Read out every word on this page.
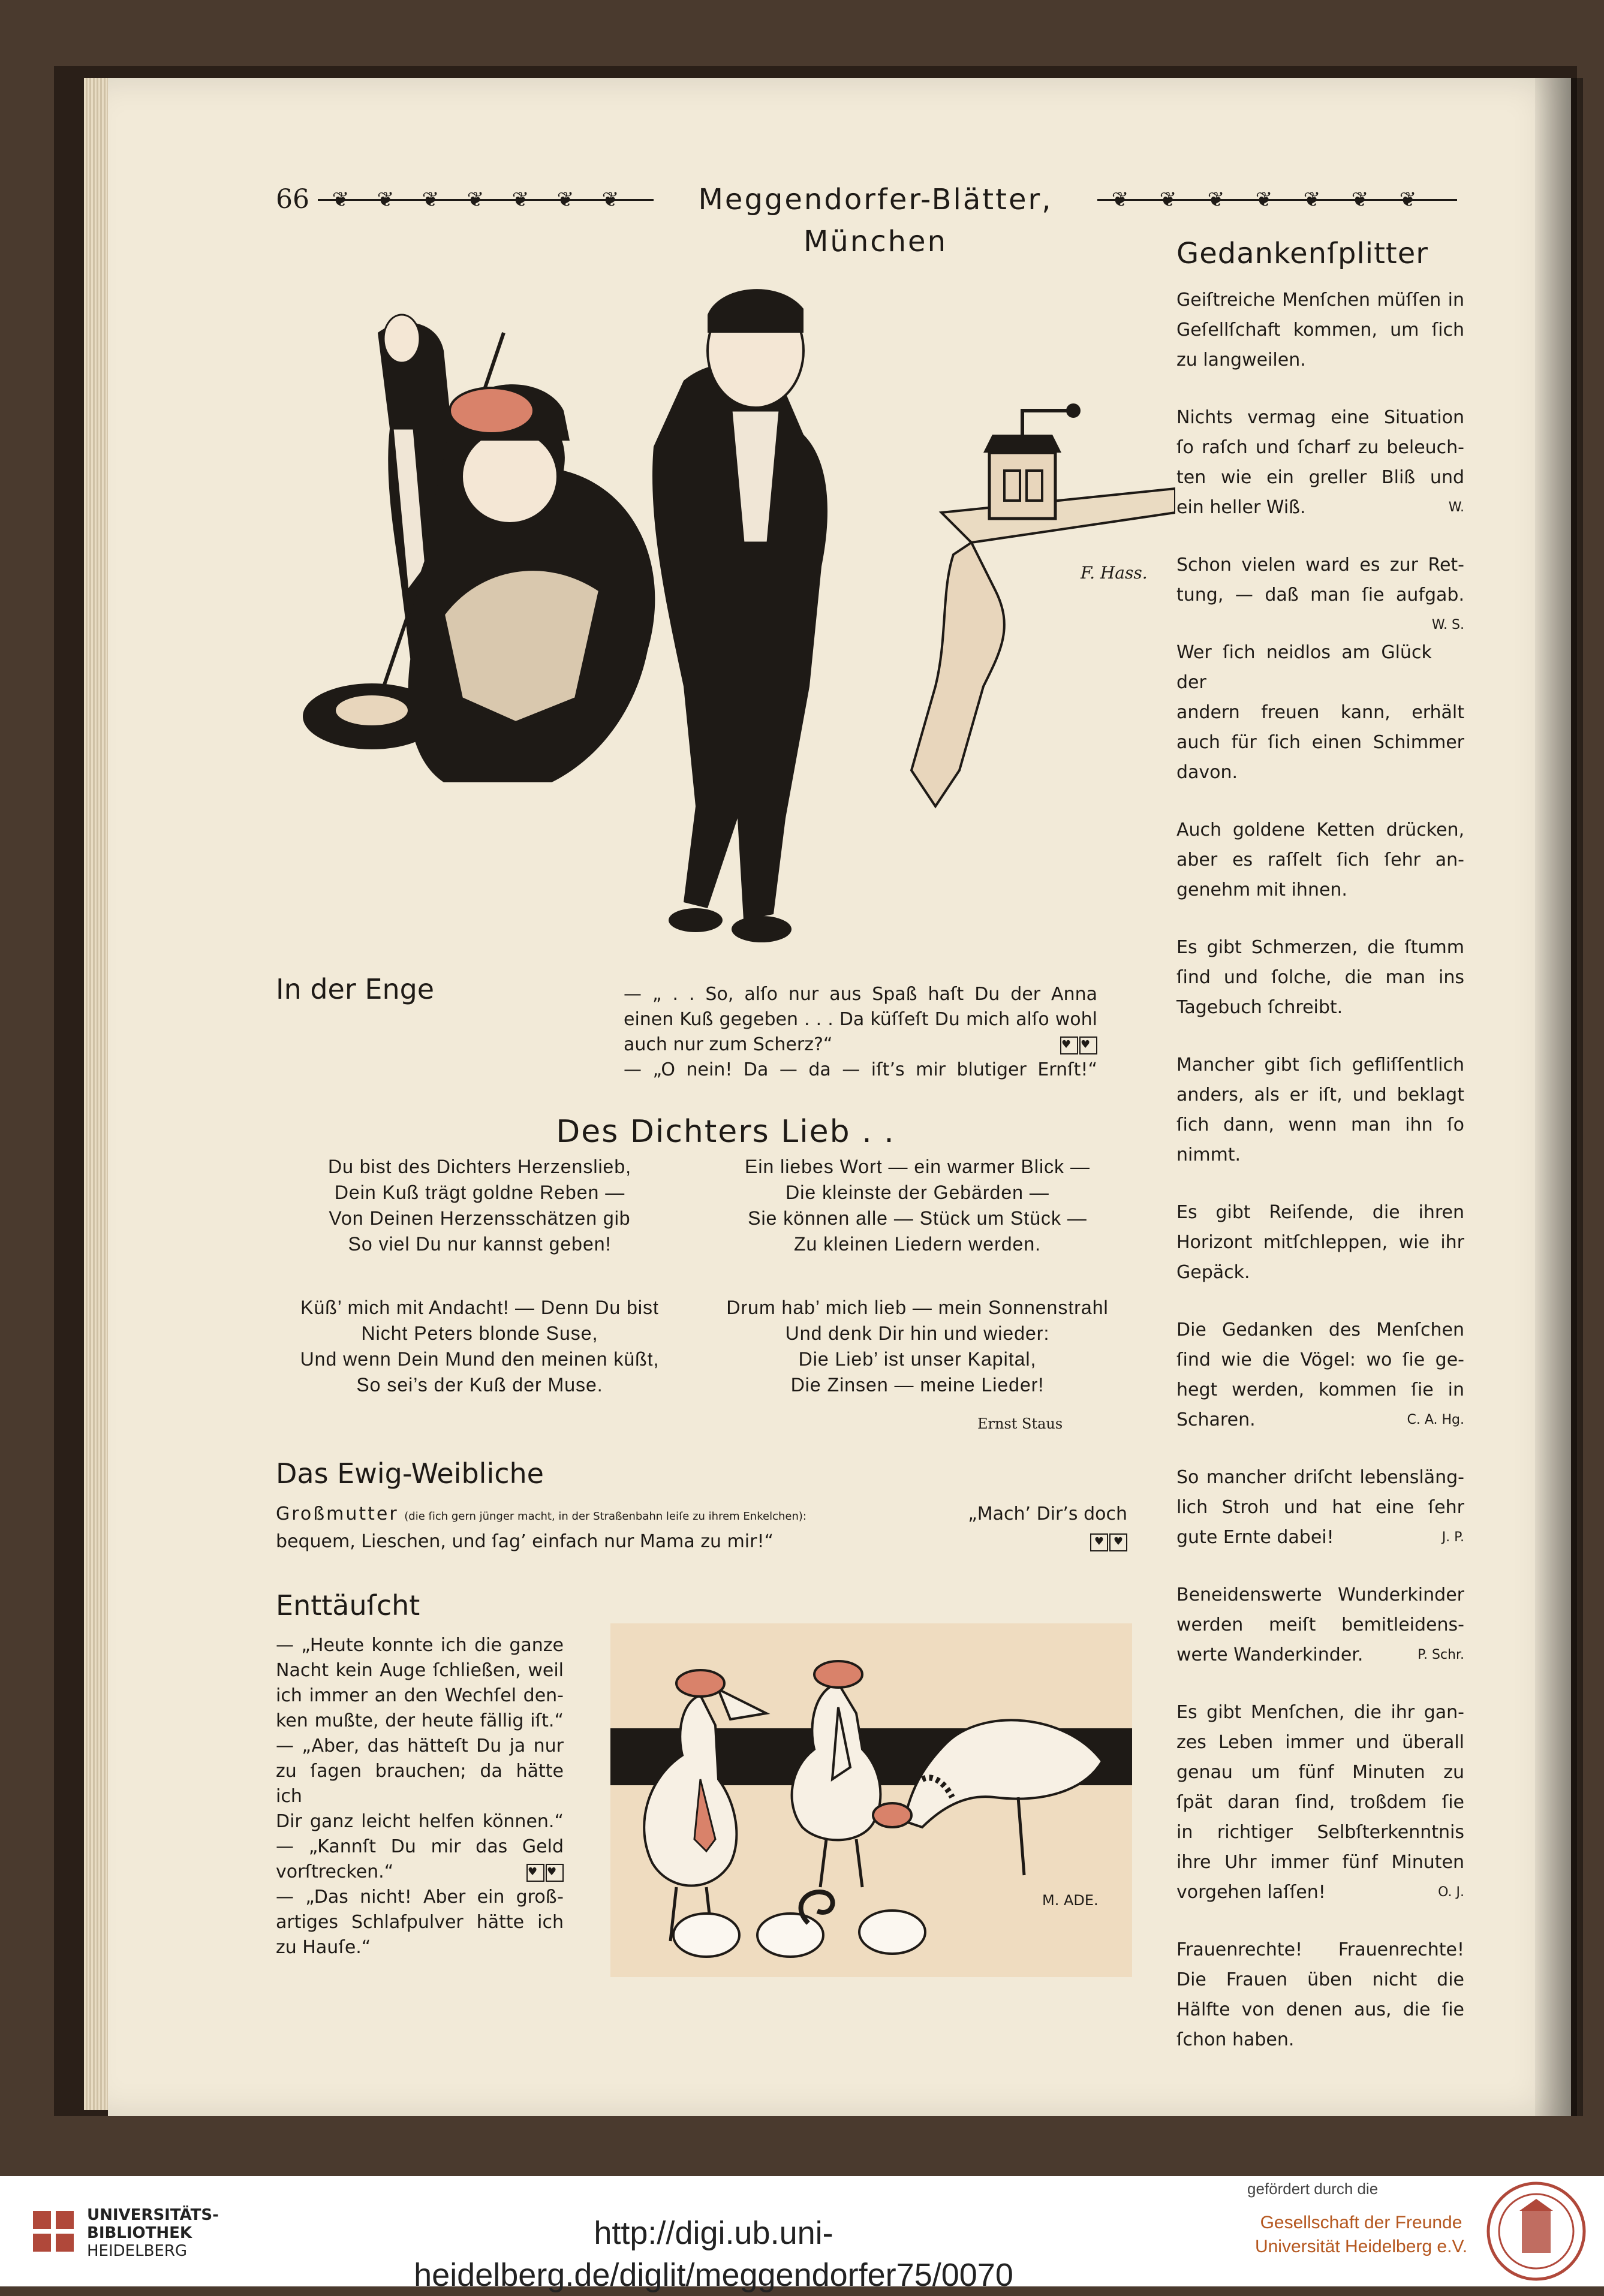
66 ❦ ❦ ❦ ❦ ❦ ❦ ❦	Meggendorfer-Blätter, München
❦ ❦ ❦ ❦ ❦ ❦ ❦
F. Hass.
In der Enge	— „ . . So, alſo nur aus Spaß haſt Du der Anna
einen Kuß gegeben . . . Da küſſeſt Du mich alſo wohl
auch nur zum Scherz?“	♥ ♥
— „O nein! Da — da — iſt’s mir blutiger Ernſt!“
Des Dichters Lieb . .
Du bist des Dichters Herzenslieb,
Dein Kuß trägt goldne Reben —
Von Deinen Herzensschätzen gib
So viel Du nur kannst geben!
Ein liebes Wort — ein warmer Blick —
Die kleinste der Gebärden —
Sie können alle — Stück um Stück —
Zu kleinen Liedern werden.
Küß’ mich mit Andacht! — Denn Du bist
Nicht Peters blonde Suse,
Und wenn Dein Mund den meinen küßt,
So sei’s der Kuß der Muse.
Drum hab’ mich lieb — mein Sonnenstrahl
Und denk Dir hin und wieder:
Die Lieb’ ist unser Kapital,
Die Zinsen — meine Lieder!
Ernst Staus
Das Ewig-Weibliche
Großmutter (die ſich gern jünger macht, in der Straßenbahn leiſe zu ihrem Enkelchen):	„Mach’ Dir’s doch
bequem, Lieschen, und ſag’ einfach nur Mama zu mir!“	♥ ♥
Enttäuſcht
— „Heute konnte ich die ganze
Nacht kein Auge ſchließen, weil
ich immer an den Wechſel den-
ken mußte, der heute fällig iſt.“
— „Aber, das hätteſt Du ja nur
zu ſagen brauchen; da hätte ich
Dir ganz leicht helfen können.“
— „Kannſt Du mir das Geld
vorſtrecken.“	♥ ♥
— „Das nicht! Aber ein groß-
artiges Schlafpulver hätte ich
zu Hauſe.“
M. ADE.
Gedankenſplitter
Geiſtreiche Menſchen müſſen in
Geſellſchaft kommen, um ſich
zu langweilen.
Nichts vermag eine Situation
ſo raſch und ſcharf zu beleuch-
ten wie ein greller Bliß und
ein heller Wiß.	W.
Schon vielen ward es zur Ret-
tung, — daß man ſie aufgab.
W. S.
Wer ſich neidlos am Glück der
andern freuen kann, erhält
auch für ſich einen Schimmer
davon.
Auch goldene Ketten drücken,
aber es raſſelt ſich ſehr an-
genehm mit ihnen.
Es gibt Schmerzen, die ſtumm
ſind und ſolche, die man ins
Tagebuch ſchreibt.
Mancher gibt ſich gefliſſentlich
anders, als er iſt, und beklagt
ſich dann, wenn man ihn ſo
nimmt.
Es gibt Reiſende, die ihren
Horizont mitſchleppen, wie ihr
Gepäck.
Die Gedanken des Menſchen
ſind wie die Vögel: wo ſie ge-
hegt werden, kommen ſie in
Scharen.	C. A. Hg.
So mancher driſcht lebensläng-
lich Stroh und hat eine ſehr
gute Ernte dabei!	J. P.
Beneidenswerte Wunderkinder
werden meiſt bemitleidens-
werte Wanderkinder.	P. Schr.
Es gibt Menſchen, die ihr gan-
zes Leben immer und überall
genau um fünf Minuten zu
ſpät daran ſind, troßdem ſie
in richtiger Selbſterkenntnis
ihre Uhr immer fünf Minuten
vorgehen laſſen!	O. J.
Frauenrechte! Frauenrechte!
Die Frauen üben nicht die
Hälfte von denen aus, die ſie
ſchon haben.
UNIVERSITÄTS-
BIBLIOTHEK
HEIDELBERG	http://digi.ub.uni-heidelberg.de/diglit/meggendorfer75/0070
gefördert durch die
Gesellschaft der Freunde
Universität Heidelberg e.V.
